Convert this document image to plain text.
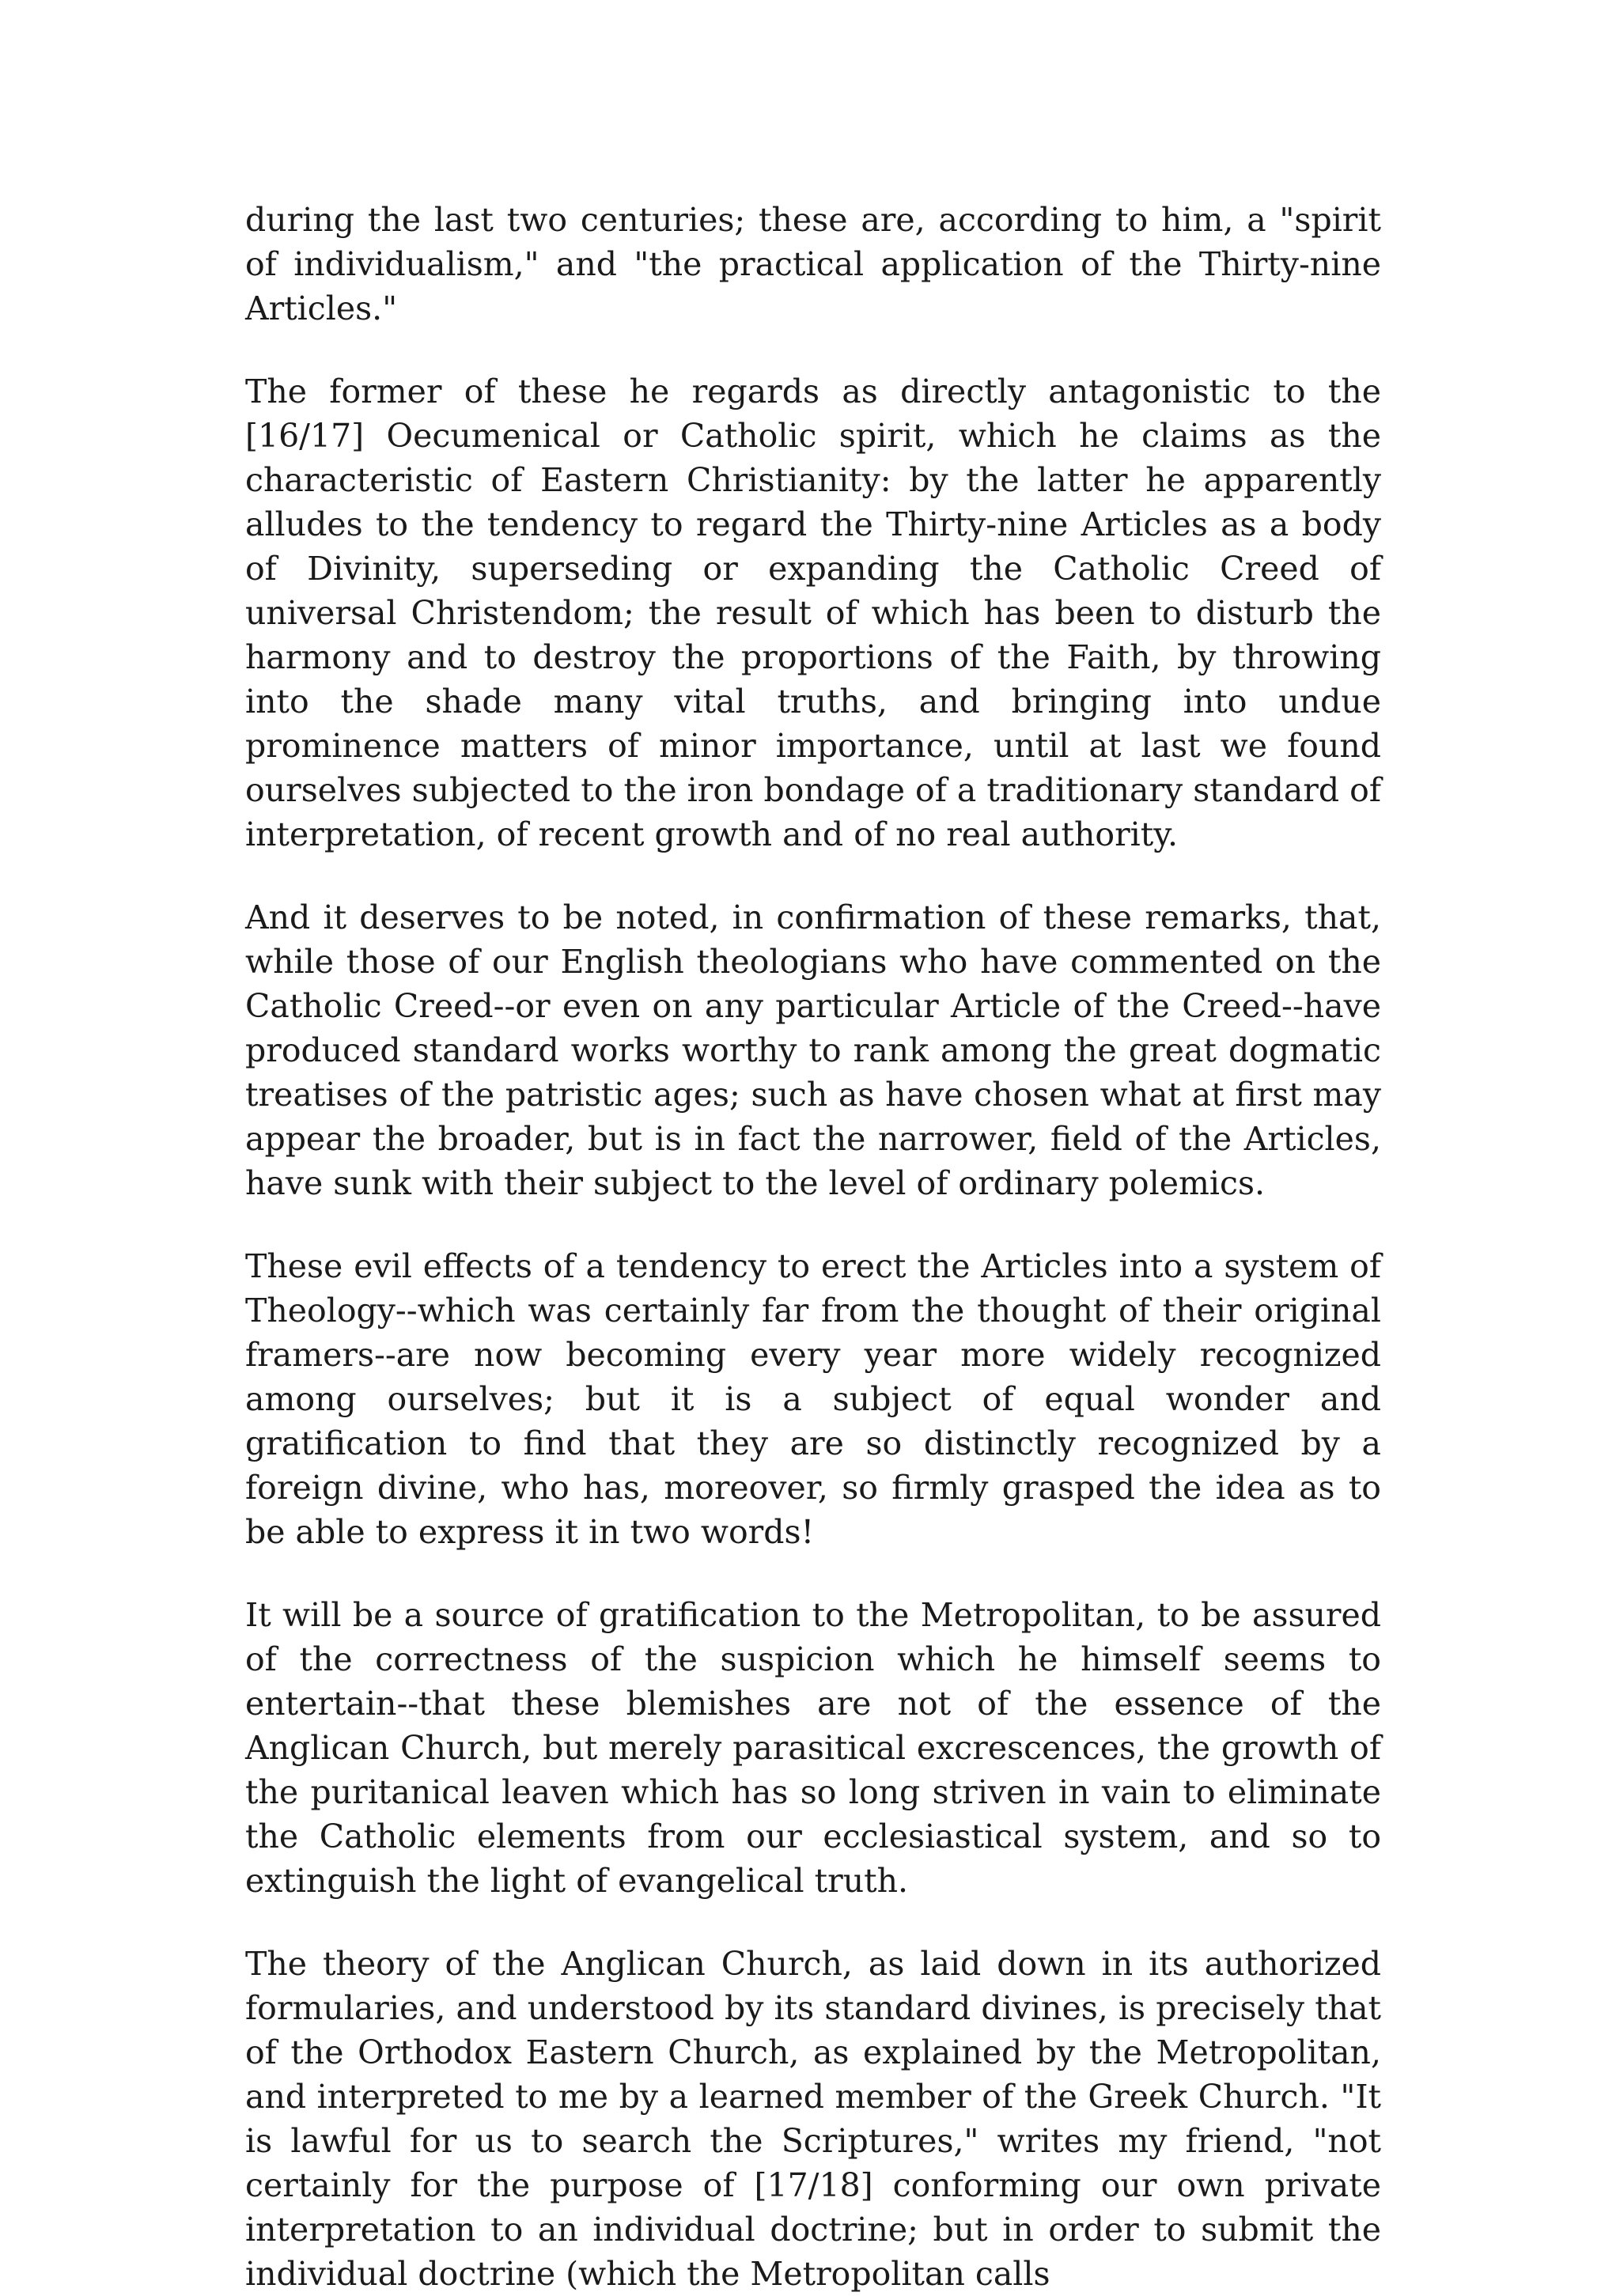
during the last two centuries; these are, according to him, a "spirit of individualism," and "the practical application of the Thirty-nine Articles."

The former of these he regards as directly antagonistic to the [16/17] Oecumenical or Catholic spirit, which he claims as the characteristic of Eastern Christianity: by the latter he apparently alludes to the tendency to regard the Thirty-nine Articles as a body of Divinity, superseding or expanding the Catholic Creed of universal Christendom; the result of which has been to disturb the harmony and to destroy the proportions of the Faith, by throwing into the shade many vital truths, and bringing into undue prominence matters of minor importance, until at last we found ourselves subjected to the iron bondage of a traditionary standard of interpretation, of recent growth and of no real authority.

And it deserves to be noted, in confirmation of these remarks, that, while those of our English theologians who have commented on the Catholic Creed--or even on any particular Article of the Creed--have produced standard works worthy to rank among the great dogmatic treatises of the patristic ages; such as have chosen what at first may appear the broader, but is in fact the narrower, field of the Articles, have sunk with their subject to the level of ordinary polemics.

These evil effects of a tendency to erect the Articles into a system of Theology--which was certainly far from the thought of their original framers--are now becoming every year more widely recognized among ourselves; but it is a subject of equal wonder and gratification to find that they are so distinctly recognized by a foreign divine, who has, moreover, so firmly grasped the idea as to be able to express it in two words!

It will be a source of gratification to the Metropolitan, to be assured of the correctness of the suspicion which he himself seems to entertain--that these blemishes are not of the essence of the Anglican Church, but merely parasitical excrescences, the growth of the puritanical leaven which has so long striven in vain to eliminate the Catholic elements from our ecclesiastical system, and so to extinguish the light of evangelical truth.

The theory of the Anglican Church, as laid down in its authorized formularies, and understood by its standard divines, is precisely that of the Orthodox Eastern Church, as explained by the Metropolitan, and interpreted to me by a learned member of the Greek Church. "It is lawful for us to search the Scriptures," writes my friend, "not certainly for the purpose of [17/18] conforming our own private interpretation to an individual doctrine; but in order to submit the individual doctrine (which the Metropolitan calls
